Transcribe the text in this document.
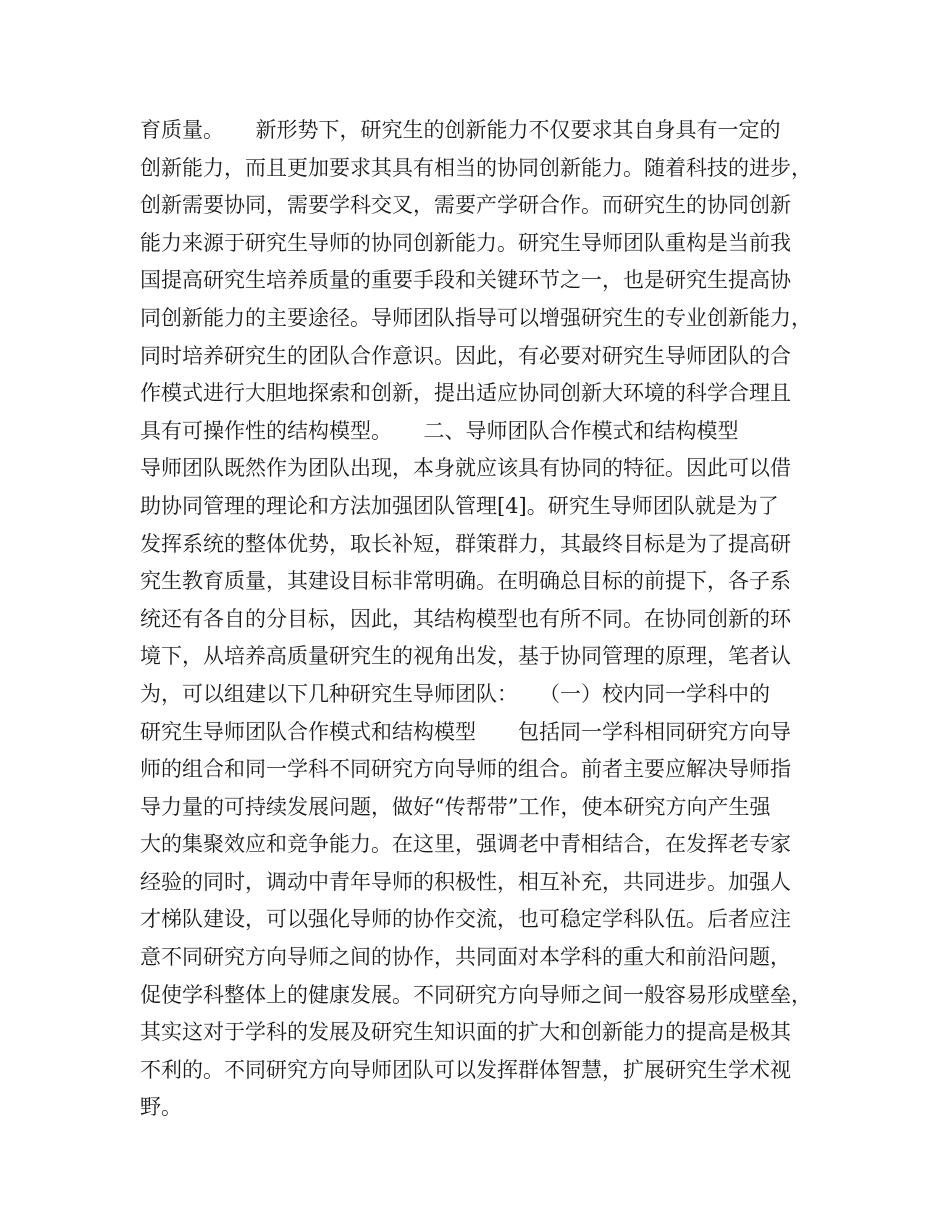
育质量。　　新形势下，研究生的创新能力不仅要求其自身具有一定的
创新能力，而且更加要求其具有相当的协同创新能力。随着科技的进步，
创新需要协同，需要学科交叉，需要产学研合作。而研究生的协同创新
能力来源于研究生导师的协同创新能力。研究生导师团队重构是当前我
国提高研究生培养质量的重要手段和关键环节之一，也是研究生提高协
同创新能力的主要途径。导师团队指导可以增强研究生的专业创新能力，
同时培养研究生的团队合作意识。因此，有必要对研究生导师团队的合
作模式进行大胆地探索和创新，提出适应协同创新大环境的科学合理且
具有可操作性的结构模型。　　二、导师团队合作模式和结构模型
导师团队既然作为团队出现，本身就应该具有协同的特征。因此可以借
助协同管理的理论和方法加强团队管理[4]。研究生导师团队就是为了
发挥系统的整体优势，取长补短，群策群力，其最终目标是为了提高研
究生教育质量，其建设目标非常明确。在明确总目标的前提下，各子系
统还有各自的分目标，因此，其结构模型也有所不同。在协同创新的环
境下，从培养高质量研究生的视角出发，基于协同管理的原理，笔者认
为，可以组建以下几种研究生导师团队：　　（一）校内同一学科中的
研究生导师团队合作模式和结构模型　　包括同一学科相同研究方向导
师的组合和同一学科不同研究方向导师的组合。前者主要应解决导师指
导力量的可持续发展问题，做好“传帮带”工作，使本研究方向产生强
大的集聚效应和竞争能力。在这里，强调老中青相结合，在发挥老专家
经验的同时，调动中青年导师的积极性，相互补充，共同进步。加强人
才梯队建设，可以强化导师的协作交流，也可稳定学科队伍。后者应注
意不同研究方向导师之间的协作，共同面对本学科的重大和前沿问题，
促使学科整体上的健康发展。不同研究方向导师之间一般容易形成壁垒，
其实这对于学科的发展及研究生知识面的扩大和创新能力的提高是极其
不利的。不同研究方向导师团队可以发挥群体智慧，扩展研究生学术视
野。
